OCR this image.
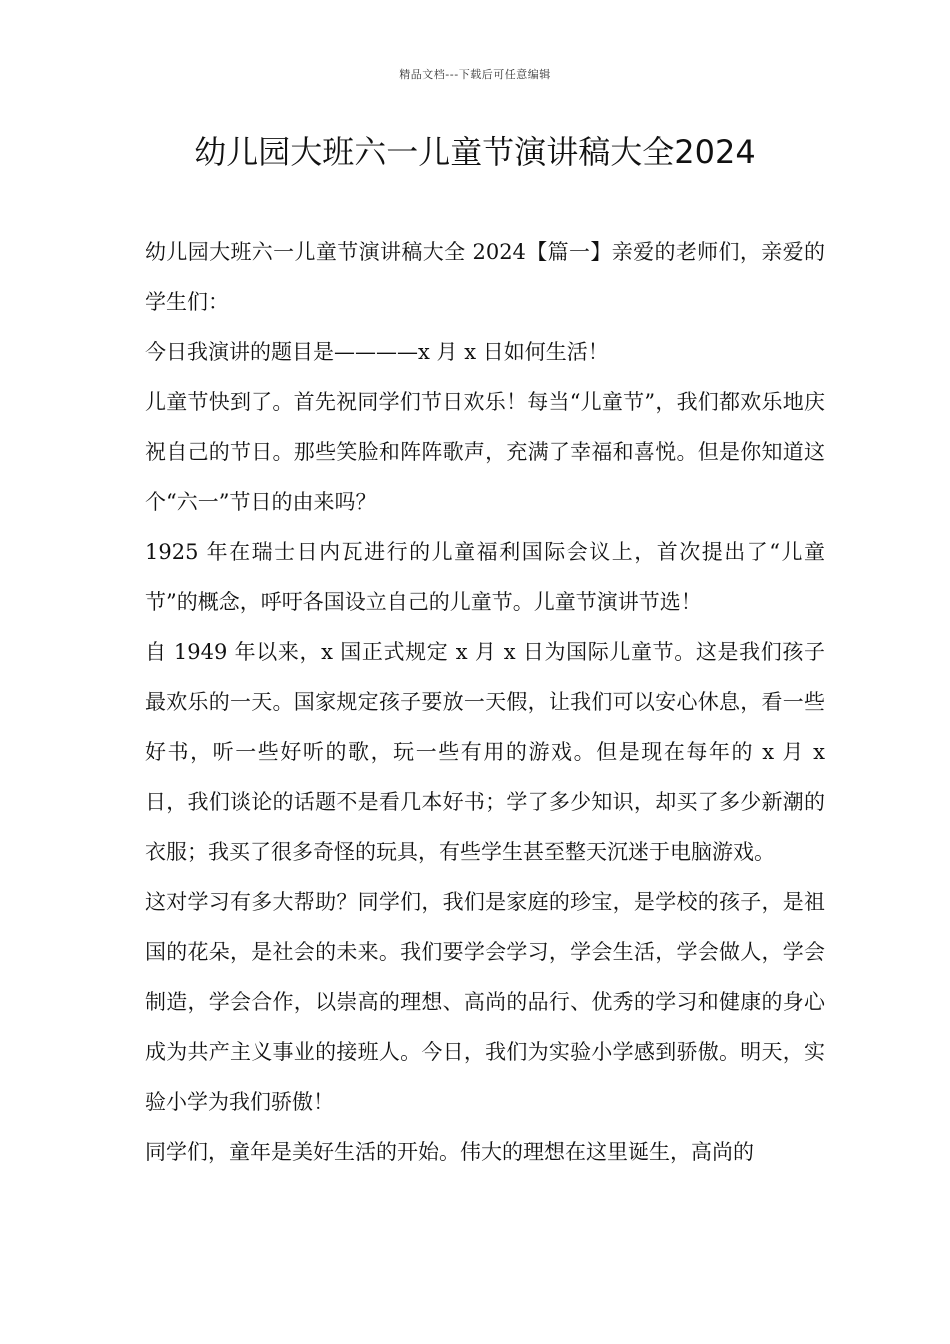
精品文档---下载后可任意编辑
幼儿园大班六一儿童节演讲稿大全2024

幼儿园大班六一儿童节演讲稿大全 2024【篇一】亲爱的老师们，亲爱的学生们：

今日我演讲的题目是————x 月 x 日如何生活！

儿童节快到了。首先祝同学们节日欢乐！每当“儿童节”，我们都欢乐地庆祝自己的节日。那些笑脸和阵阵歌声，充满了幸福和喜悦。但是你知道这个“六一”节日的由来吗？

1925 年在瑞士日内瓦进行的儿童福利国际会议上，首次提出了“儿童节”的概念，呼吁各国设立自己的儿童节。儿童节演讲节选！

自 1949 年以来，x 国正式规定 x 月 x 日为国际儿童节。这是我们孩子最欢乐的一天。国家规定孩子要放一天假，让我们可以安心休息，看一些好书，听一些好听的歌，玩一些有用的游戏。但是现在每年的 x 月 x 日，我们谈论的话题不是看几本好书；学了多少知识，却买了多少新潮的衣服；我买了很多奇怪的玩具，有些学生甚至整天沉迷于电脑游戏。

这对学习有多大帮助？同学们，我们是家庭的珍宝，是学校的孩子，是祖国的花朵，是社会的未来。我们要学会学习，学会生活，学会做人，学会制造，学会合作，以崇高的理想、高尚的品行、优秀的学习和健康的身心成为共产主义事业的接班人。今日，我们为实验小学感到骄傲。明天，实验小学为我们骄傲！

同学们，童年是美好生活的开始。伟大的理想在这里诞生，高尚的
